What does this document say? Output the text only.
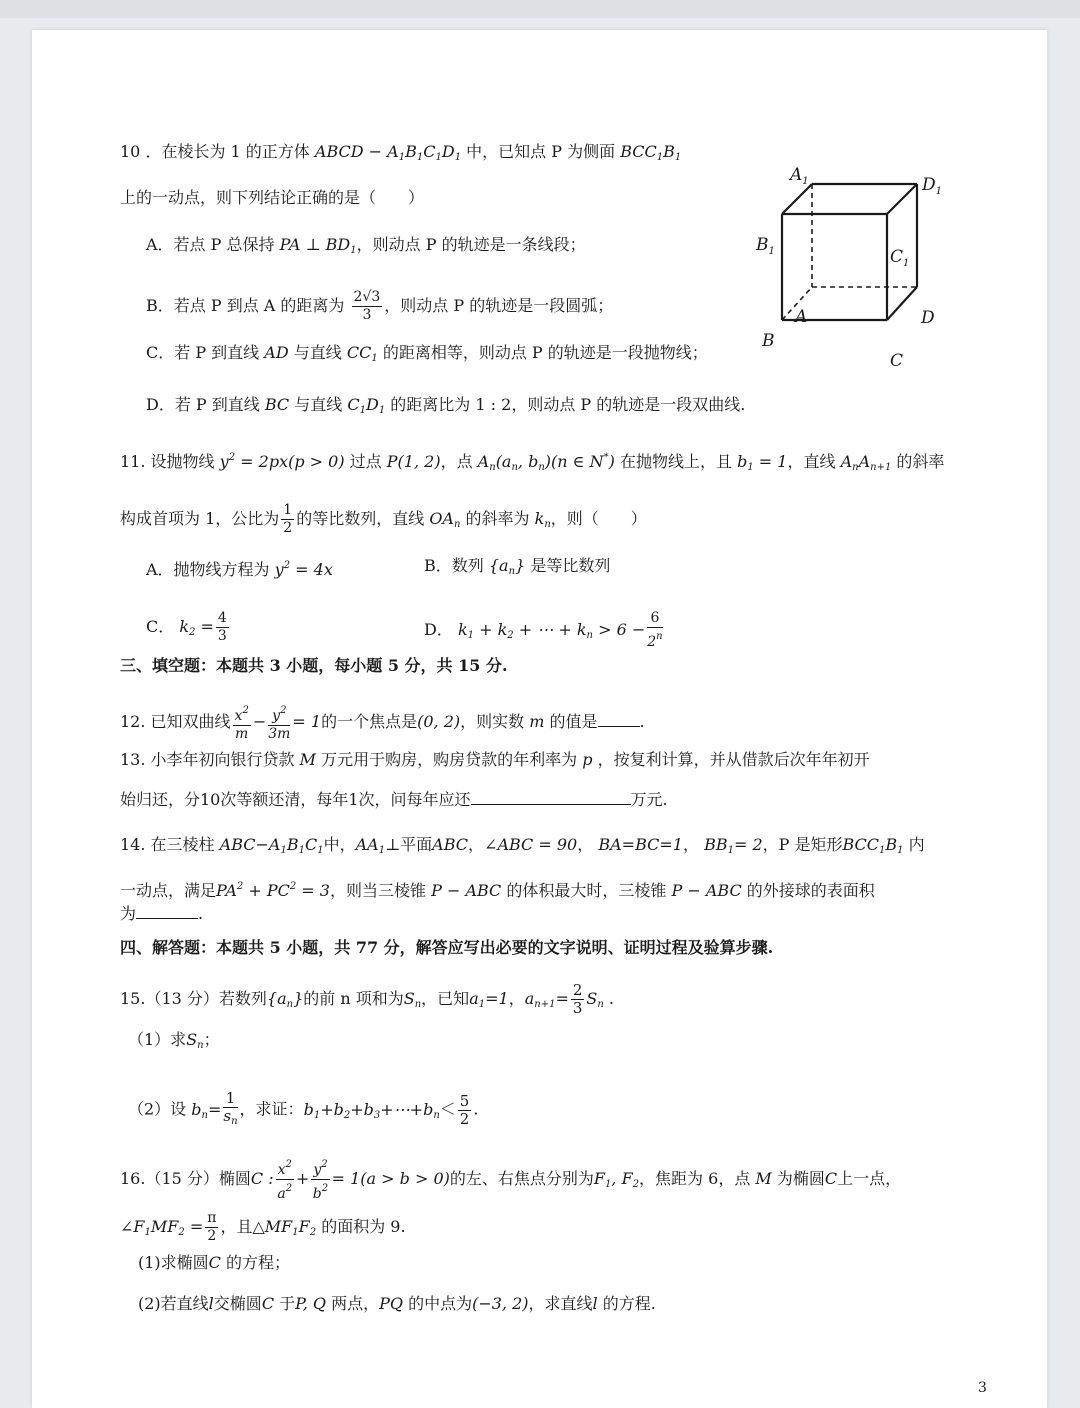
10 ．在棱长为 1 的正方体 ABCD − $A_1B_1C_1D_1$ 中，已知点 P 为侧面 $BCC_1B_1$
上的一动点，则下列结论正确的是（　　）
A．若点 P 总保持 PA ⊥ $BD_1$，则动点 P 的轨迹是一条线段；
B．若点 P 到点 A 的距离为 $\frac{2√3}{3}$ ，则动点 P 的轨迹是一段圆弧；
C．若 P 到直线 AD 与直线 $CC_1$ 的距离相等，则动点 P 的轨迹是一段抛物线；
D．若 P 到直线 BC 与直线 $C_1D_1$ 的距离比为 1 : 2，则动点 P 的轨迹是一段双曲线.
$A_1$	$D_1$
$B_1$	$C_1$
A	D
B
C
11. 设抛物线 $y^2 = 2px(p > 0)$ 过点 P(1, 2)，点 $A_n(a_n$, $b_n)(n$ ∈ N*) 在抛物线上，且 $b_1 = 1$，直线 $A_nA_{n+1}$ 的斜率
构成首项为 1，公比为 $\frac{1}{2}$ 的等比数列，直线 $OA_n$ 的斜率为 $k_n$，则（　　）
A．抛物线方程为 $y^2 = 4x$	B．数列 $\{a_n\}$ 是等比数列
C． $k_2 = \frac{4}{3}$	D． $k_1 + k_2$ + ⋯ + $k_n > 6 - \frac{6}{2^n}$
三、填空题：本题共 3 小题，每小题 5 分，共 15 分.
12. 已知双曲线 $\frac{x^2}{m} - \frac{y^2}{3m} = 1$的一个焦点是(0, 2)，则实数 m 的值是	.
13. 小李年初向银行贷款 M 万元用于购房，购房贷款的年利率为 p ，按复利计算，并从借款后次年年初开
始归还，分10次等额还清，每年1次，问每年应还	万元.
14. 在三棱柱 $ABC-A_1B_1C_1$中，$AA_1\perp$平面ABC，∠ABC = 90， BA=BC=1， $BB_1= 2$，P 是矩形$BCC_1B_1$ 内
一动点，满足$PA^2 + PC^2 = 3$，则当三棱锥 P − ABC 的体积最大时，三棱锥 P − ABC 的外接球的表面积
为	.
四、解答题：本题共 5 小题，共 77 分，解答应写出必要的文字说明、证明过程及验算步骤.
15.（13 分）若数列$\{a_n\}$的前 n 项和为$S_n$，已知$a_1=1$，$a_{n+1}= \frac{2}{3} S_n$ .
（1）求$S_n$；
（2）设 $b_n= \frac{1}{s_n}$ ，求证：$b_1+b_2+b_3+\cdots+b_n< \frac{5}{2}$ .
16.（15 分）椭圆C : $\frac{x^2}{a^2} + \frac{y^2}{b^2} = 1(a > b > 0)$的左、右焦点分别为$F_1$, $F_2$，焦距为 6，点 M 为椭圆C上一点，
$\angle F_1MF_2 = \frac{\pi}{2}$ ，且$\triangle MF_1F_2$ 的面积为 9.
(1)求椭圆C 的方程；
(2)若直线l交椭圆C 于P, Q 两点，PQ 的中点为(−3, 2)，求直线l 的方程.
3
